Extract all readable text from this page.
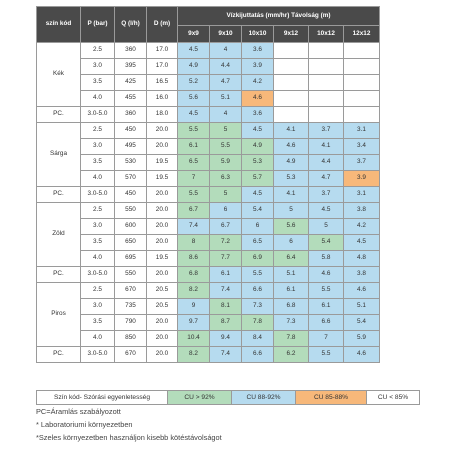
szín kód	P (bar)	Q (l/h)	D (m)	Vízkijuttatás (mm/hr) Távolság (m)					
				9x9	9x10	10x10	9x12	10x12	12x12
Kék	2.5	360	17.0	4.5	4	3.6			
	3.0	395	17.0	4.9	4.4	3.9			
	3.5	425	16.5	5.2	4.7	4.2			
	4.0	455	16.0	5.6	5.1	4.6			
PC.	3.0-5.0	360	18.0	4.5	4	3.6			
Sárga	2.5	450	20.0	5.5	5	4.5	4.1	3.7	3.1
	3.0	495	20.0	6.1	5.5	4.9	4.6	4.1	3.4
	3.5	530	19.5	6.5	5.9	5.3	4.9	4.4	3.7
	4.0	570	19.5	7	6.3	5.7	5.3	4.7	3.9
PC.	3.0-5.0	450	20.0	5.5	5	4.5	4.1	3.7	3.1
Zöld	2.5	550	20.0	6.7	6	5.4	5	4.5	3.8
	3.0	600	20.0	7.4	6.7	6	5.6	5	4.2
	3.5	650	20.0	8	7.2	6.5	6	5.4	4.5
	4.0	695	19.5	8.6	7.7	6.9	6.4	5.8	4.8
PC.	3.0-5.0	550	20.0	6.8	6.1	5.5	5.1	4.6	3.8
Piros	2.5	670	20.5	8.2	7.4	6.6	6.1	5.5	4.6
	3.0	735	20.5	9	8.1	7.3	6.8	6.1	5.1
	3.5	790	20.0	9.7	8.7	7.8	7.3	6.6	5.4
	4.0	850	20.0	10.4	9.4	8.4	7.8	7	5.9
PC.	3.0-5.0	670	20.0	8.2	7.4	6.6	6.2	5.5	4.6
Szín kód- Szórási egyenletesség	CU > 92%	CU 88-92%	CU 85-88%	CU < 85%
PC=Áramlás szabályozott
* Laboratoriumi környezetben
*Szeles környezetben használjon kisebb kötéstávolságot
